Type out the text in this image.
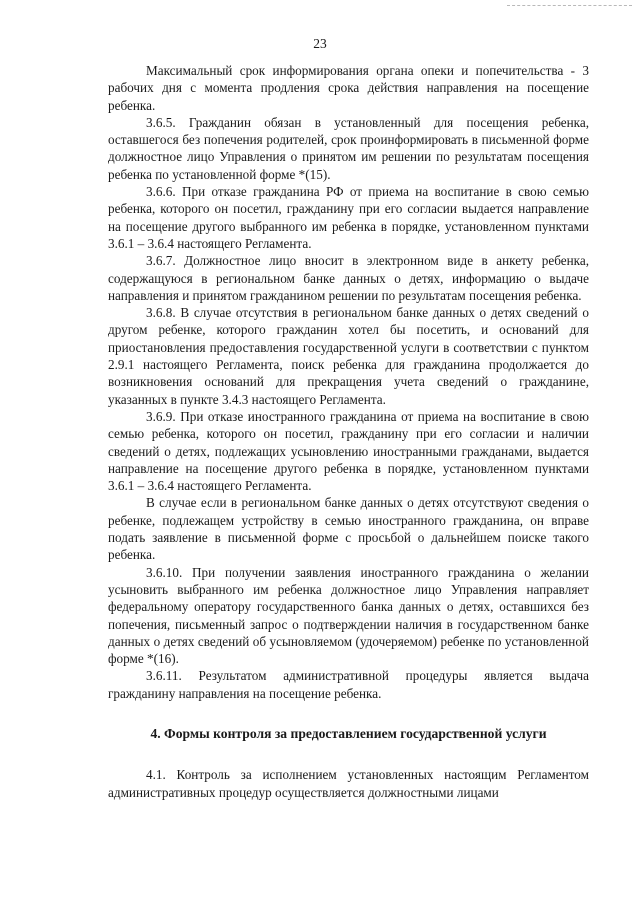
23

Максимальный срок информирования органа опеки и попечительства - 3 рабочих дня с момента продления срока действия направления на посещение ребенка.

3.6.5. Гражданин обязан в установленный для посещения ребенка, оставшегося без попечения родителей, срок проинформировать в письменной форме должностное лицо Управления о принятом им решении по результатам посещения ребенка по установленной форме *(15).

3.6.6. При отказе гражданина РФ от приема на воспитание в свою семью ребенка, которого он посетил, гражданину при его согласии выдается направление на посещение другого выбранного им ребенка в порядке, установленном пунктами 3.6.1 – 3.6.4 настоящего Регламента.

3.6.7. Должностное лицо вносит в электронном виде в анкету ребенка, содержащуюся в региональном банке данных о детях, информацию о выдаче направления и принятом гражданином решении по результатам посещения ребенка.

3.6.8. В случае отсутствия в региональном банке данных о детях сведений о другом ребенке, которого гражданин хотел бы посетить, и оснований для приостановления предоставления государственной услуги в соответствии с пунктом 2.9.1 настоящего Регламента, поиск ребенка для гражданина продолжается до возникновения оснований для прекращения учета сведений о гражданине, указанных в пункте 3.4.3 настоящего Регламента.

3.6.9. При отказе иностранного гражданина от приема на воспитание в свою семью ребенка, которого он посетил, гражданину при его согласии и наличии сведений о детях, подлежащих усыновлению иностранными гражданами, выдается направление на посещение другого ребенка в порядке, установленном пунктами 3.6.1 – 3.6.4 настоящего Регламента.

В случае если в региональном банке данных о детях отсутствуют сведения о ребенке, подлежащем устройству в семью иностранного гражданина, он вправе подать заявление в письменной форме с просьбой о дальнейшем поиске такого ребенка.

3.6.10. При получении заявления иностранного гражданина о желании усыновить выбранного им ребенка должностное лицо Управления направляет федеральному оператору государственного банка данных о детях, оставшихся без попечения, письменный запрос о подтверждении наличия в государственном банке данных о детях сведений об усыновляемом (удочеряемом) ребенке по установленной форме *(16).

3.6.11. Результатом административной процедуры является выдача гражданину направления на посещение ребенка.

4. Формы контроля за предоставлением государственной услуги

4.1. Контроль за исполнением установленных настоящим Регламентом административных процедур осуществляется должностными лицами
